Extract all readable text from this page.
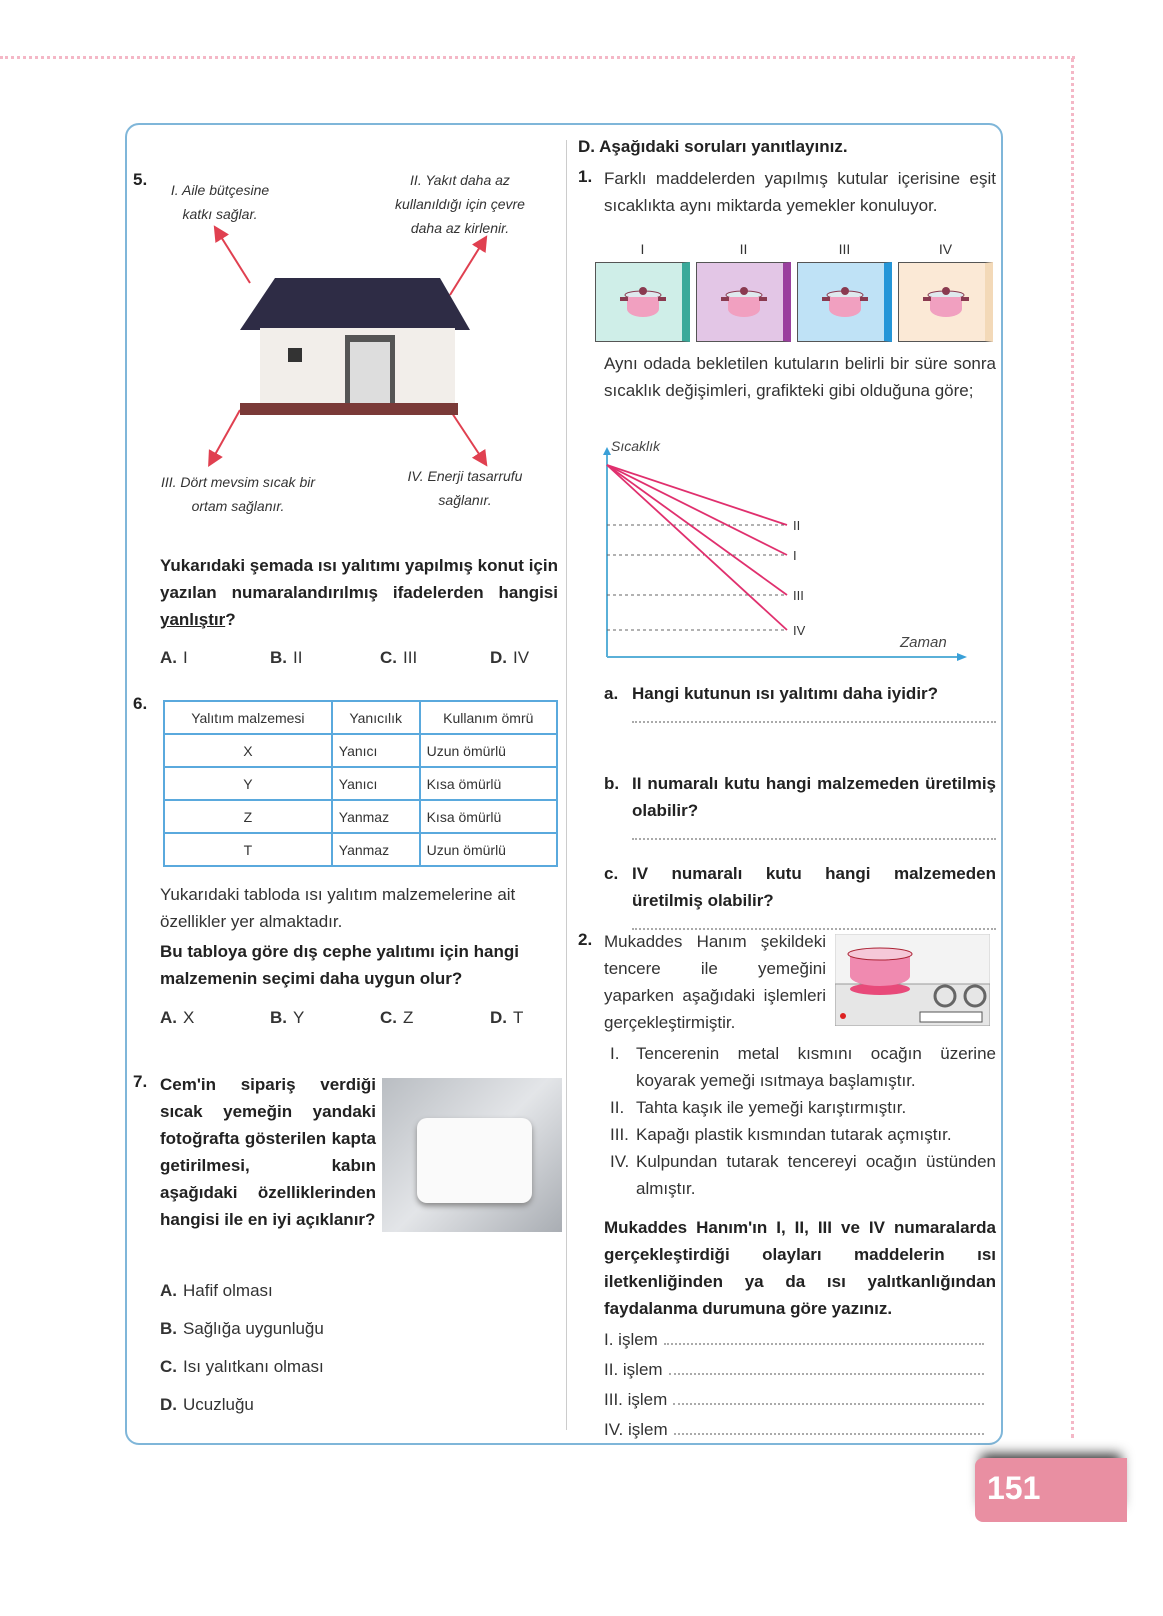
5.
I. Aile bütçesine katkı sağlar.
II. Yakıt daha az kullanıldığı için çevre daha az kirlenir.
III. Dört mevsim sıcak bir ortam sağlanır.
IV. Enerji tasarrufu sağlanır.
Yukarıdaki şemada ısı yalıtımı yapılmış konut için yazılan numaralandırılmış ifadelerden hangisi yanlıştır?
A. I	B. II	C. III	D. IV
6.
Yalıtım malzemesi	Yanıcılık	Kullanım ömrü
X	Yanıcı	Uzun ömürlü
Y	Yanıcı	Kısa ömürlü
Z	Yanmaz	Kısa ömürlü
T	Yanmaz	Uzun ömürlü
Yukarıdaki tabloda ısı yalıtım malzemelerine ait özellikler yer almaktadır.
Bu tabloya göre dış cephe yalıtımı için hangi malzemenin seçimi daha uygun olur?
A. X	B. Y	C. Z	D. T
7. Cem'in sipariş verdiği sıcak yemeğin yandaki fotoğrafta gösterilen kapta getirilmesi, kabın aşağıdaki özelliklerinden hangisi ile en iyi açıklanır?
A. Hafif olması
B. Sağlığa uygunluğu
C. Isı yalıtkanı olması
D. Ucuzluğu
D. Aşağıdaki soruları yanıtlayınız.
1. Farklı maddelerden yapılmış kutular içerisine eşit sıcaklıkta aynı miktarda yemekler konuluyor.
I	II	III	IV
Aynı odada bekletilen kutuların belirli bir süre sonra sıcaklık değişimleri, grafikteki gibi olduğuna göre;
II
I
III
IV
Sıcaklık
Zaman
a. Hangi kutunun ısı yalıtımı daha iyidir?
b. II numaralı kutu hangi malzemeden üretilmiş olabilir?
c. IV numaralı kutu hangi malzemeden üretilmiş olabilir?
2. Mukaddes Hanım şekildeki tencere ile yemeğini yaparken aşağıdaki işlemleri gerçekleştirmiştir.
I. Tencerenin metal kısmını ocağın üzerine koyarak yemeği ısıtmaya başlamıştır.
II. Tahta kaşık ile yemeği karıştırmıştır.
III. Kapağı plastik kısmından tutarak açmıştır.
IV. Kulpundan tutarak tencereyi ocağın üstünden almıştır.
Mukaddes Hanım'ın I, II, III ve IV numaralarda gerçekleştirdiği olayları maddelerin ısı iletkenliğinden ya da ısı yalıtkanlığından faydalanma durumuna göre yazınız.
I. işlem
II. işlem
III. işlem
IV. işlem
151
